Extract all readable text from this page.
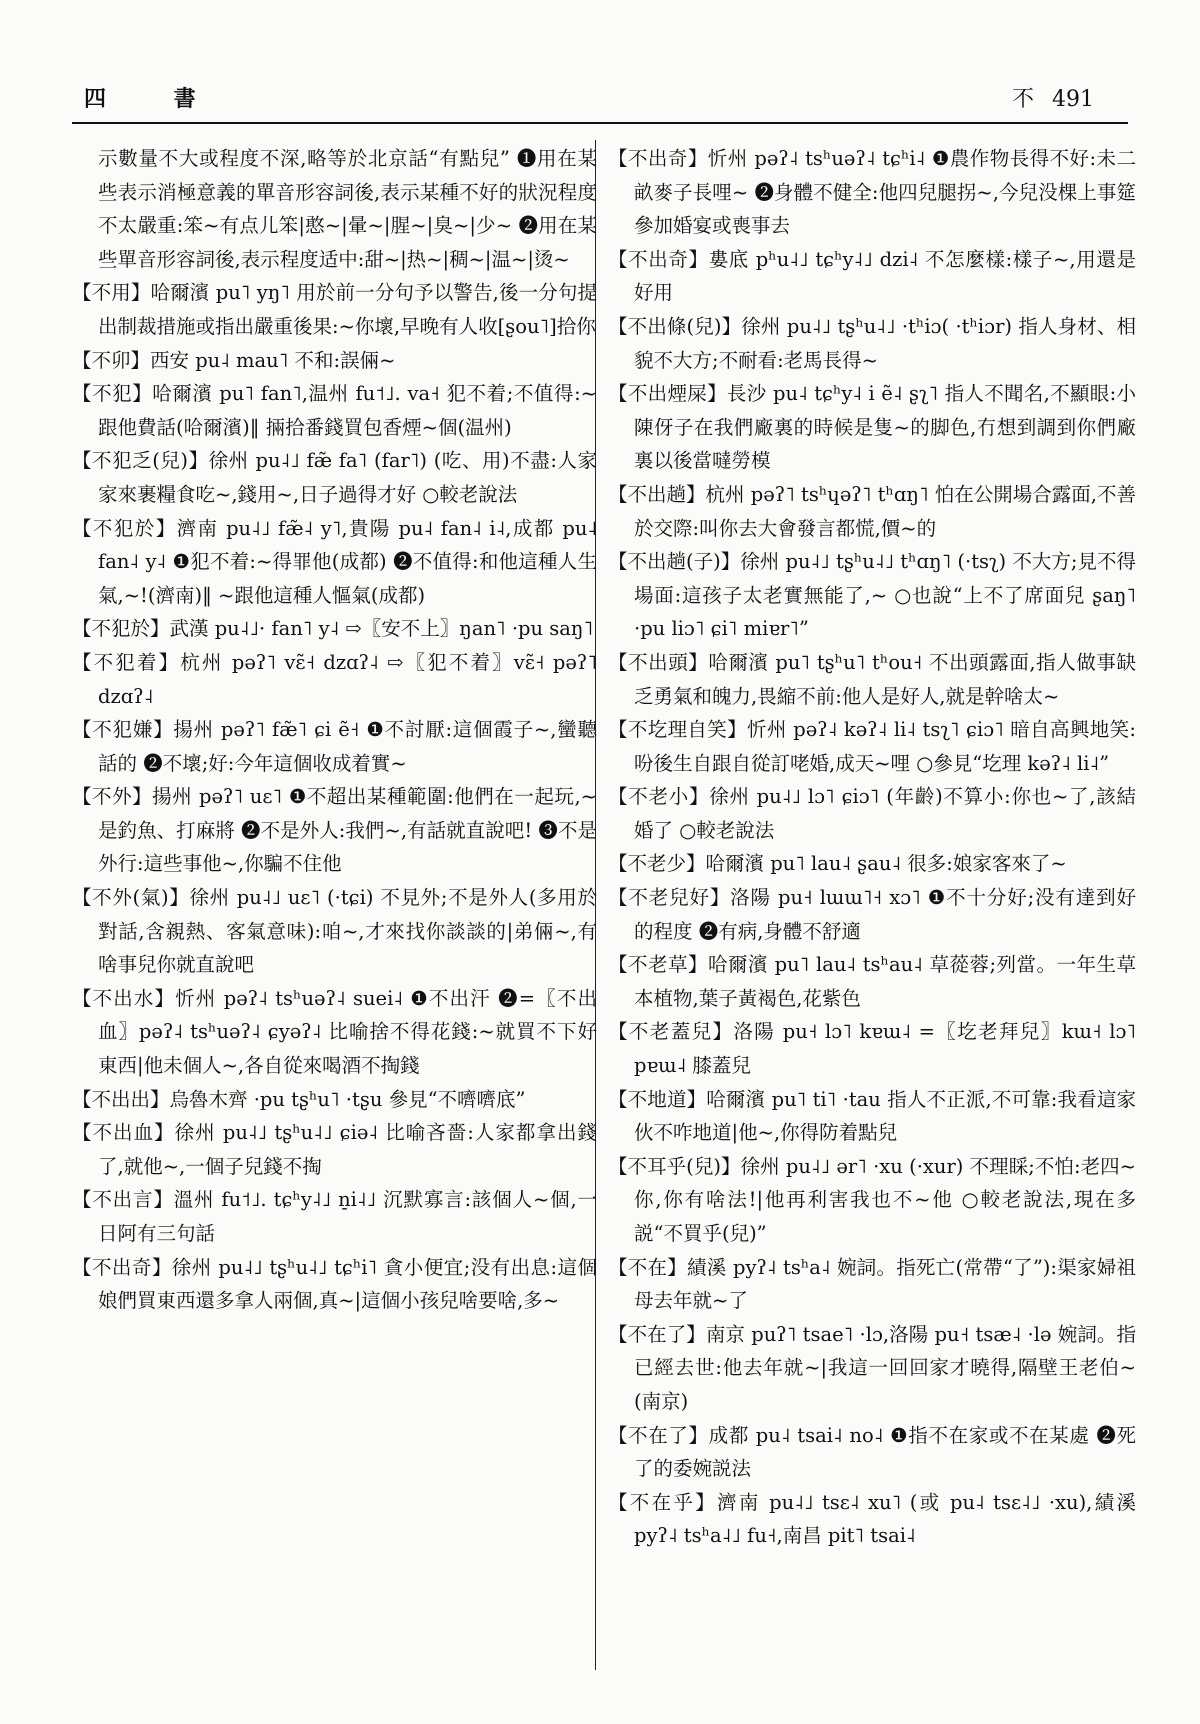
四 書	不 491

示數量不大或程度不深,略等於北京話“有點兒” ❶用在某些表示消極意義的單音形容詞後,表示某種不好的狀況程度不太嚴重:笨~有点儿笨|憨~|暈~|腥~|臭~|少~ ❷用在某些單音形容詞後,表示程度适中:甜~|热~|稠~|温~|烫~

【不用】哈爾濱 pu˥ yŋ˥ 用於前一分句予以警告,後一分句提出制裁措施或指出嚴重後果:~你壞,早晚有人收[ʂou˥]拾你

【不卯】西安 pu˨ mau˥ 不和:誤倆~

【不犯】哈爾濱 pu˥ fan˥,温州 fu˦˩. va˧ 犯不着;不值得:~跟他費話(哈爾濱)‖ 掚拾番錢買包香煙~個(温州)

【不犯乏(兒)】徐州 pu˨˩ fæ̃ fa˥ (far˥) (吃、用)不盡:人家家來裹糧食吃~,錢用~,日子過得才好 ○較老說法

【不犯於】濟南 pu˨˩ fæ̃˨ y˥,貴陽 pu˨ fan˨ i˨,成都 pu˨ fan˨ y˨ ❶犯不着:~得罪他(成都) ❷不值得:和他這種人生氣,~!(濟南)‖ ~跟他這種人慪氣(成都)

【不犯於】武漢 pu˨˩· fan˥ y˨ ⇨〖安不上〗ŋan˥ ·pu saŋ˥

【不犯着】杭州 pəʔ˥ vɛ̃˧ dzɑʔ˨ ⇨〖犯不着〗vɛ̃˧ pəʔ˥ dzɑʔ˨

【不犯嫌】揚州 pəʔ˥ fæ̃˥ ɕi ẽ˧ ❶不討厭:這個霞子~,蠻聽話的 ❷不壞;好:今年這個收成着實~

【不外】揚州 pəʔ˥ uɛ˥ ❶不超出某種範圍:他們在一起玩,~是釣魚、打麻將 ❷不是外人:我們~,有話就直說吧! ❸不是外行:這些事他~,你騙不住他

【不外(氣)】徐州 pu˨˩ uɛ˥ (·tɕi) 不見外;不是外人(多用於對話,含親熱、客氣意味):咱~,才來找你談談的|弟倆~,有啥事兒你就直說吧

【不出水】忻州 pəʔ˨ tsʰuəʔ˨ suei˨ ❶不出汗 ❷=〖不出血〗pəʔ˨ tsʰuəʔ˨ ɕyəʔ˨ 比喻捨不得花錢:~就買不下好東西|他未個人~,各自從來喝酒不掏錢

【不出出】烏魯木齊 ·pu tʂʰu˥ ·tʂu 參見“不嚌嚌底”

【不出血】徐州 pu˨˩ tʂʰu˨˩ ɕiə˨ 比喻吝嗇:人家都拿出錢了,就他~,一個子兒錢不掏

【不出言】溫州 fu˦˩. tɕʰy˨˩ n̠i˨˩ 沉默寡言:該個人~個,一日阿有三句話

【不出奇】徐州 pu˨˩ tʂʰu˨˩ tɕʰi˥ 貪小便宜;没有出息:這個娘們買東西還多拿人兩個,真~|這個小孩兒啥要啥,多~

【不出奇】忻州 pəʔ˨ tsʰuəʔ˨ tɕʰi˨ ❶農作物長得不好:未二畝麥子長哩~ ❷身體不健全:他四兒腿拐~,今兒没棵上事筵參加婚宴或喪事去

【不出奇】婁底 pʰu˨˩ tɕʰy˨˩ dzi˨ 不怎麼樣:樣子~,用還是好用

【不出條(兒)】徐州 pu˨˩ tʂʰu˨˩ ·tʰiɔ( ·tʰiɔr) 指人身材、相貌不大方;不耐看:老馬長得~

【不出煙屎】長沙 pu˨ tɕʰy˨ i ẽ˨ ʂʅ˥ 指人不聞名,不顯眼:小陳伢子在我們廠裏的時候是隻~的脚色,冇想到調到你們廠裏以後當噠勞模

【不出趟】杭州 pəʔ˥ tsʰɥəʔ˥ tʰɑŋ˥ 怕在公開場合露面,不善於交際:叫你去大會發言都慌,價~的

【不出趟(子)】徐州 pu˨˩ tʂʰu˨˩ tʰɑŋ˥ (·tsʅ) 不大方;見不得場面:這孩子太老實無能了,~ ○也說“上不了席面兒 ʂaŋ˥ ·pu liɔ˥ ɕi˥ miɐr˥”

【不出頭】哈爾濱 pu˥ tʂʰu˥ tʰou˧ 不出頭露面,指人做事缺乏勇氣和魄力,畏縮不前:他人是好人,就是幹啥太~

【不圪理自笑】忻州 pəʔ˨ kəʔ˨ li˨ tsʅ˥ ɕiɔ˥ 暗自高興地笑:吩後生自跟自從訂咾婚,成天~哩 ○參見“圪理 kəʔ˨ li˨”

【不老小】徐州 pu˨˩ lɔ˥ ɕiɔ˥ (年齡)不算小:你也~了,該結婚了 ○較老說法

【不老少】哈爾濱 pu˥ lau˨ ʂau˨ 很多:娘家客來了~

【不老兒好】洛陽 pu˧ lɯɯ˥˧ xɔ˥ ❶不十分好;没有達到好的程度 ❷有病,身體不舒適

【不老草】哈爾濱 pu˥ lau˨ tsʰau˨ 草蓯蓉;列當。一年生草本植物,葉子黃褐色,花紫色

【不老蓋兒】洛陽 pu˧ lɔ˥ kɐɯ˨ =〖圪老拜兒〗kɯ˧ lɔ˥ pɐɯ˨ 膝蓋兒

【不地道】哈爾濱 pu˥ ti˥ ·tau 指人不正派,不可靠:我看這家伙不咋地道|他~,你得防着點兒

【不耳乎(兒)】徐州 pu˨˩ ər˥ ·xu (·xur) 不理睬;不怕:老四~你,你有啥法!|他再利害我也不~他 ○較老說法,現在多説“不買乎(兒)”

【不在】績溪 pyʔ˨ tsʰa˨ 婉詞。指死亡(常帶“了”):渠家婦祖母去年就~了

【不在了】南京 puʔ˥ tsae˥ ·lɔ,洛陽 pu˧ tsæ˨ ·lə 婉詞。指已經去世:他去年就~|我這一回回家才曉得,隔壁王老伯~(南京)

【不在了】成都 pu˨ tsai˨ no˨ ❶指不在家或不在某處 ❷死了的委婉説法

【不在乎】濟南 pu˨˩ tsɛ˨ xu˥ (或 pu˨ tsɛ˨˩ ·xu),績溪 pyʔ˨ tsʰa˨˩ fu˧,南昌 pit˥ tsai˨
